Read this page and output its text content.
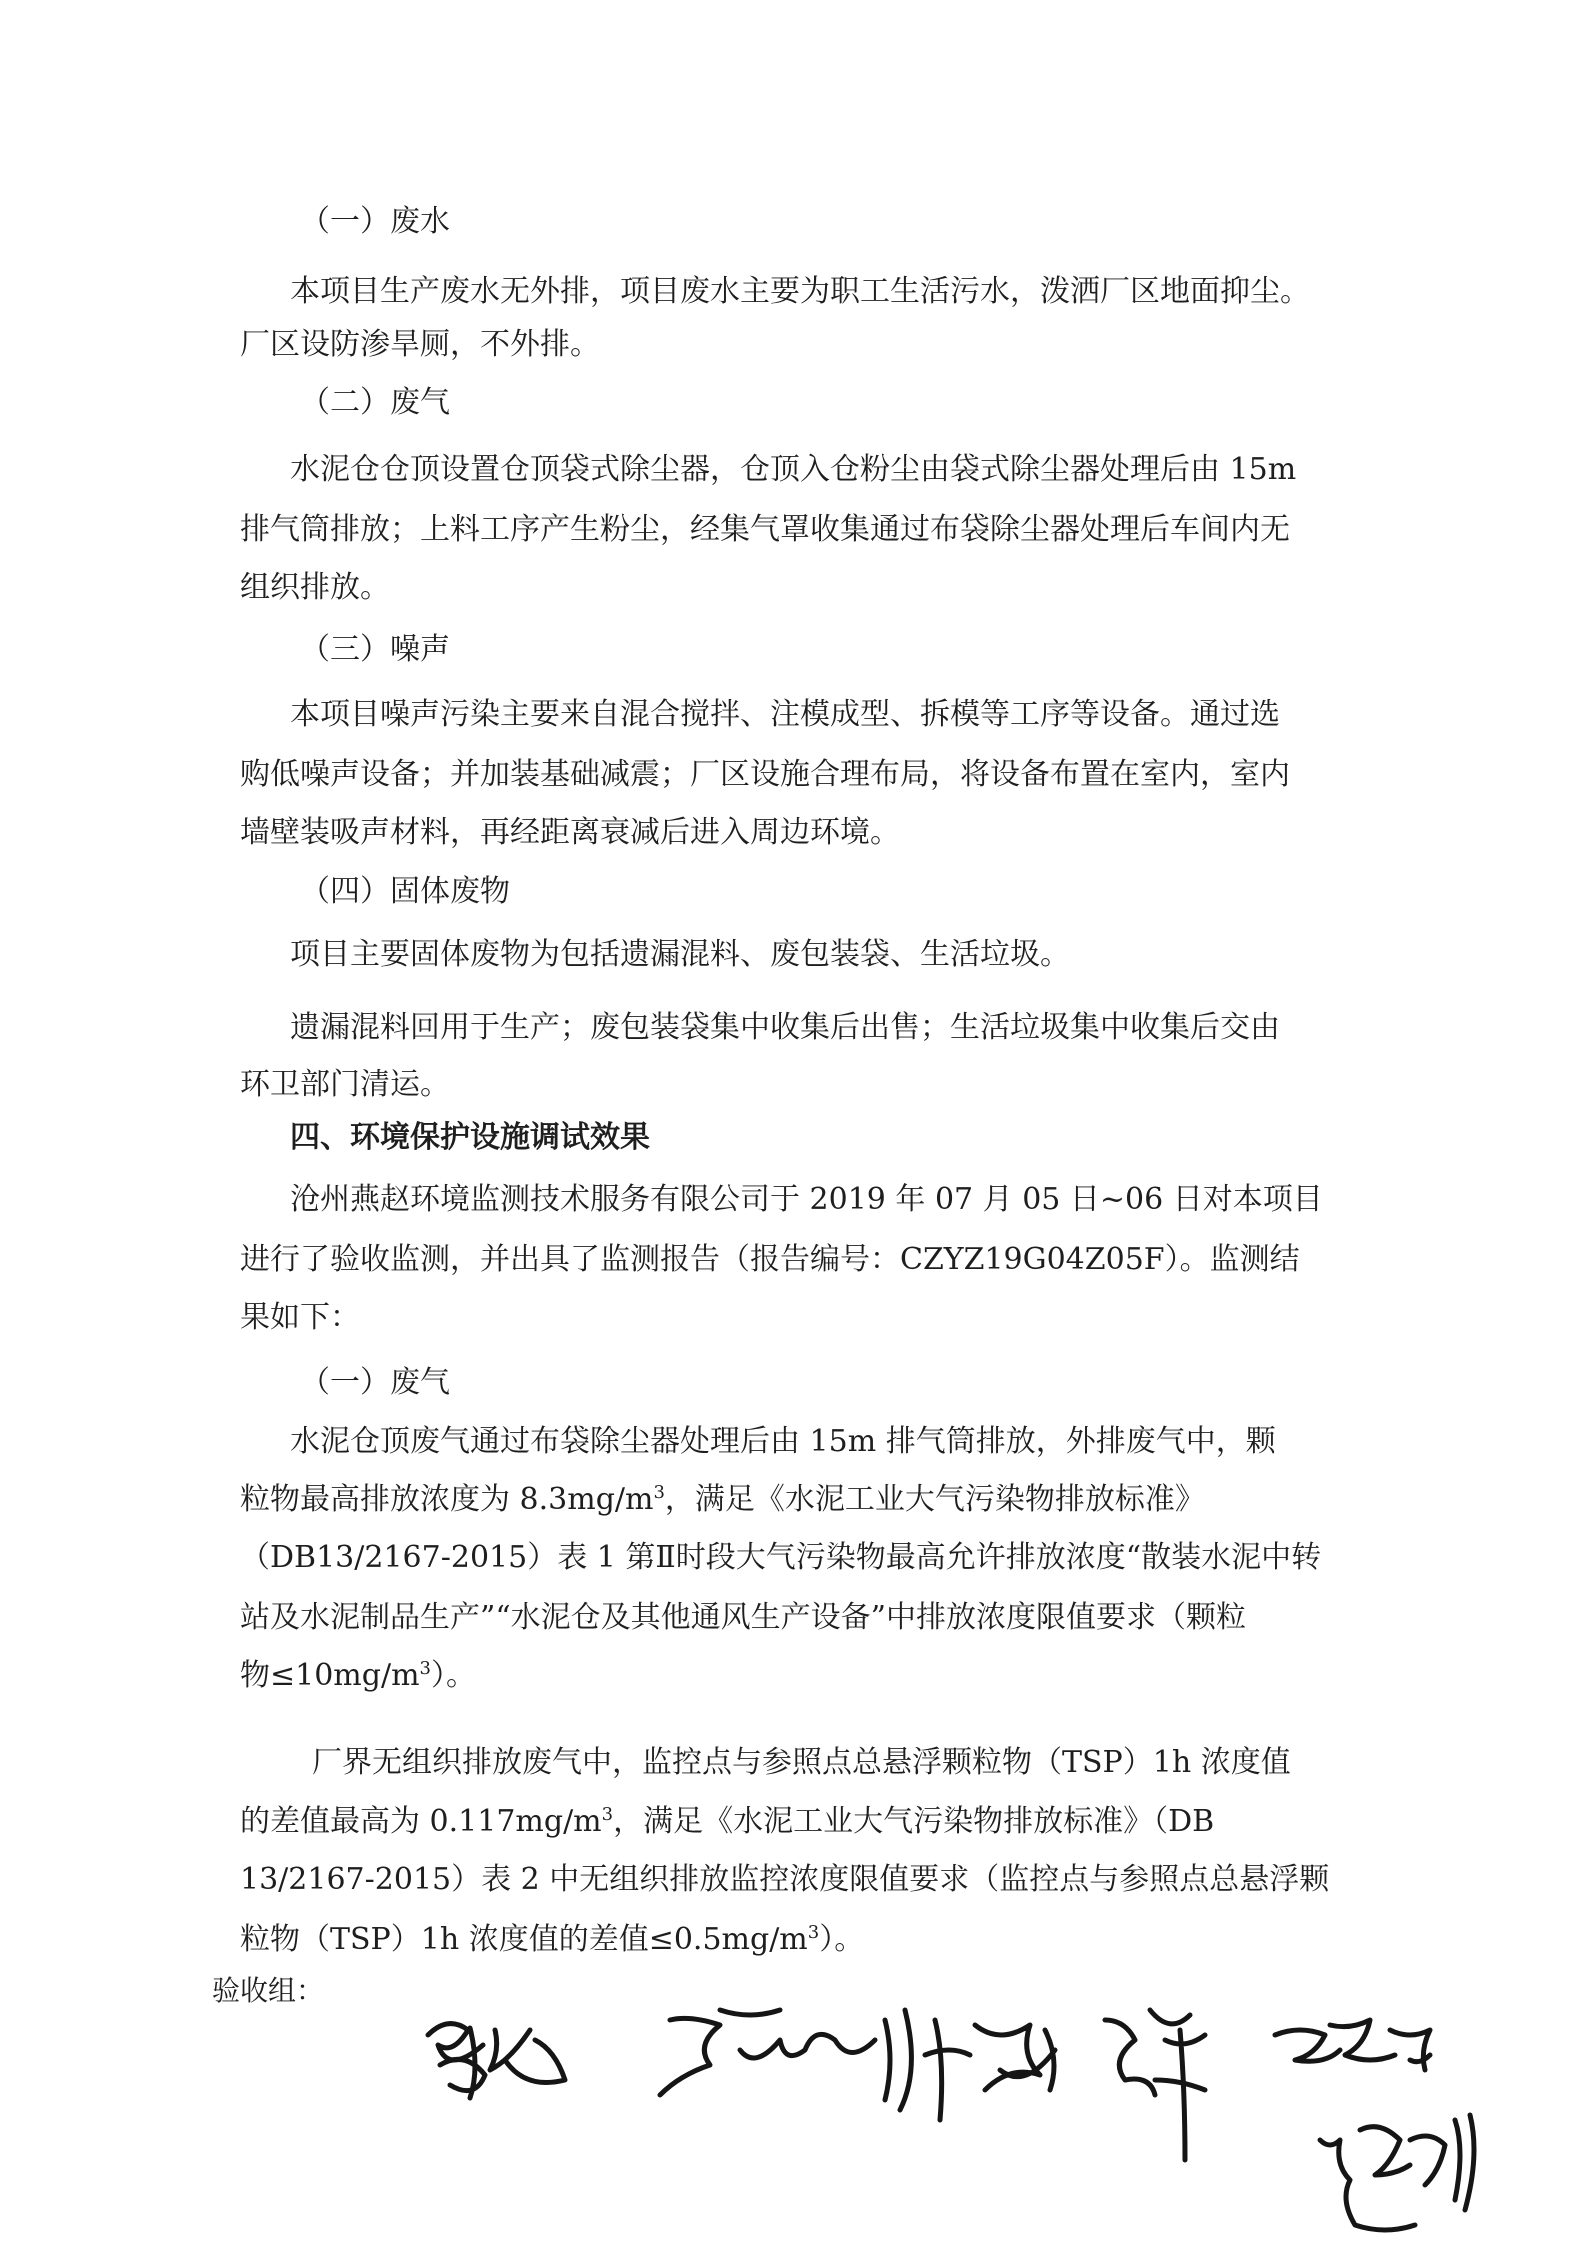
（一）废水
本项目生产废水无外排，项目废水主要为职工生活污水，泼洒厂区地面抑尘。
厂区设防渗旱厕，不外排。
（二）废气
水泥仓仓顶设置仓顶袋式除尘器，仓顶入仓粉尘由袋式除尘器处理后由 15m
排气筒排放；上料工序产生粉尘，经集气罩收集通过布袋除尘器处理后车间内无
组织排放。
（三）噪声
本项目噪声污染主要来自混合搅拌、注模成型、拆模等工序等设备。通过选
购低噪声设备；并加装基础减震；厂区设施合理布局，将设备布置在室内，室内
墙壁装吸声材料，再经距离衰减后进入周边环境。
（四）固体废物
项目主要固体废物为包括遗漏混料、废包装袋、生活垃圾。
遗漏混料回用于生产；废包装袋集中收集后出售；生活垃圾集中收集后交由
环卫部门清运。
四、环境保护设施调试效果
沧州燕赵环境监测技术服务有限公司于 2019 年 07 月 05 日~06 日对本项目
进行了验收监测，并出具了监测报告（报告编号：CZYZ19G04Z05F）。监测结
果如下：
（一）废气
水泥仓顶废气通过布袋除尘器处理后由 15m 排气筒排放，外排废气中，颗
粒物最高排放浓度为 $8.3mg/m^3$，满足《水泥工业大气污染物排放标准》
（DB13/2167-2015）表 1 第Ⅱ时段大气污染物最高允许排放浓度“散装水泥中转
站及水泥制品生产”“水泥仓及其他通风生产设备”中排放浓度限值要求（颗粒
物$\le 10mg/m^3$）。
厂界无组织排放废气中，监控点与参照点总悬浮颗粒物（TSP）1h 浓度值
的差值最高为 $0.117mg/m^3$，满足《水泥工业大气污染物排放标准》（DB
13/2167-2015）表 2 中无组织排放监控浓度限值要求（监控点与参照点总悬浮颗
粒物（TSP）1h 浓度值的差值$\le 0.5mg/m^3$）。
验收组：
